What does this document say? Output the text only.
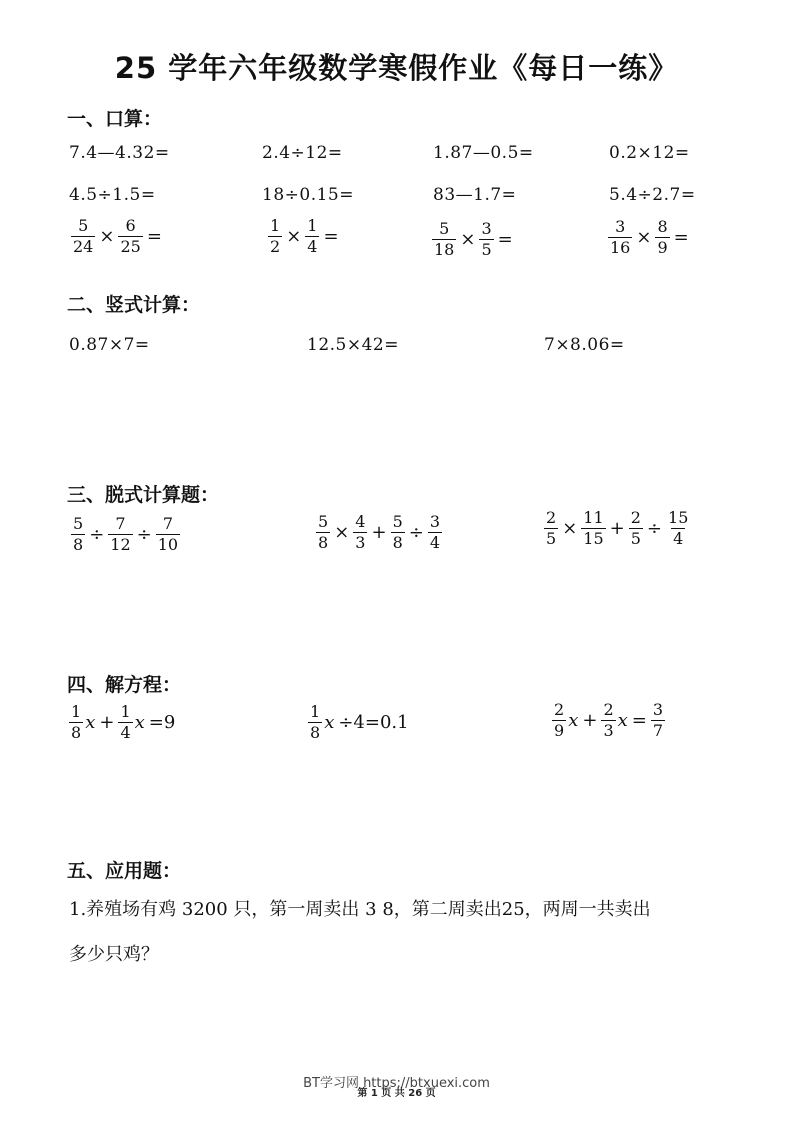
25 学年六年级数学寒假作业《每日一练》
一、口算：
7.4—4.32=	2.4÷12=	1.87—0.5=	0.2×12=
4.5÷1.5=	18÷0.15=	83—1.7=	5.4÷2.7=
$\frac{5}{24} \times \frac{6}{25}$ =	$\frac{1}{2} \times \frac{1}{4}$ =	$\frac{5}{18} \times \frac{3}{5}$ =	$\frac{3}{16} \times \frac{8}{9}$ =
二、竖式计算：
0.87×7=	12.5×42=	7×8.06=
三、脱式计算题：
$\frac{5}{8} \div \frac{7}{12} \div \frac{7}{10}$	$\frac{5}{8} \times \frac{4}{3} + \frac{5}{8} \div \frac{3}{4}$	$\frac{2}{5} \times \frac{11}{15} + \frac{2}{5} \div \frac{15}{4}$
四、解方程：
$\frac{1}{8}$ $x + \frac{1}{4}$ x =9	$\frac{1}{8}$ x ÷4=0.1	$\frac{2}{9}$ $x + \frac{2}{3}$ $x = \frac{3}{7}$
五、应用题：
1.养殖场有鸡 3200 只，第一周卖出 3 8，第二周卖出25，两周一共卖出
多少只鸡？
BT学习网 https://btxuexi.com
第 1 页 共 26 页
